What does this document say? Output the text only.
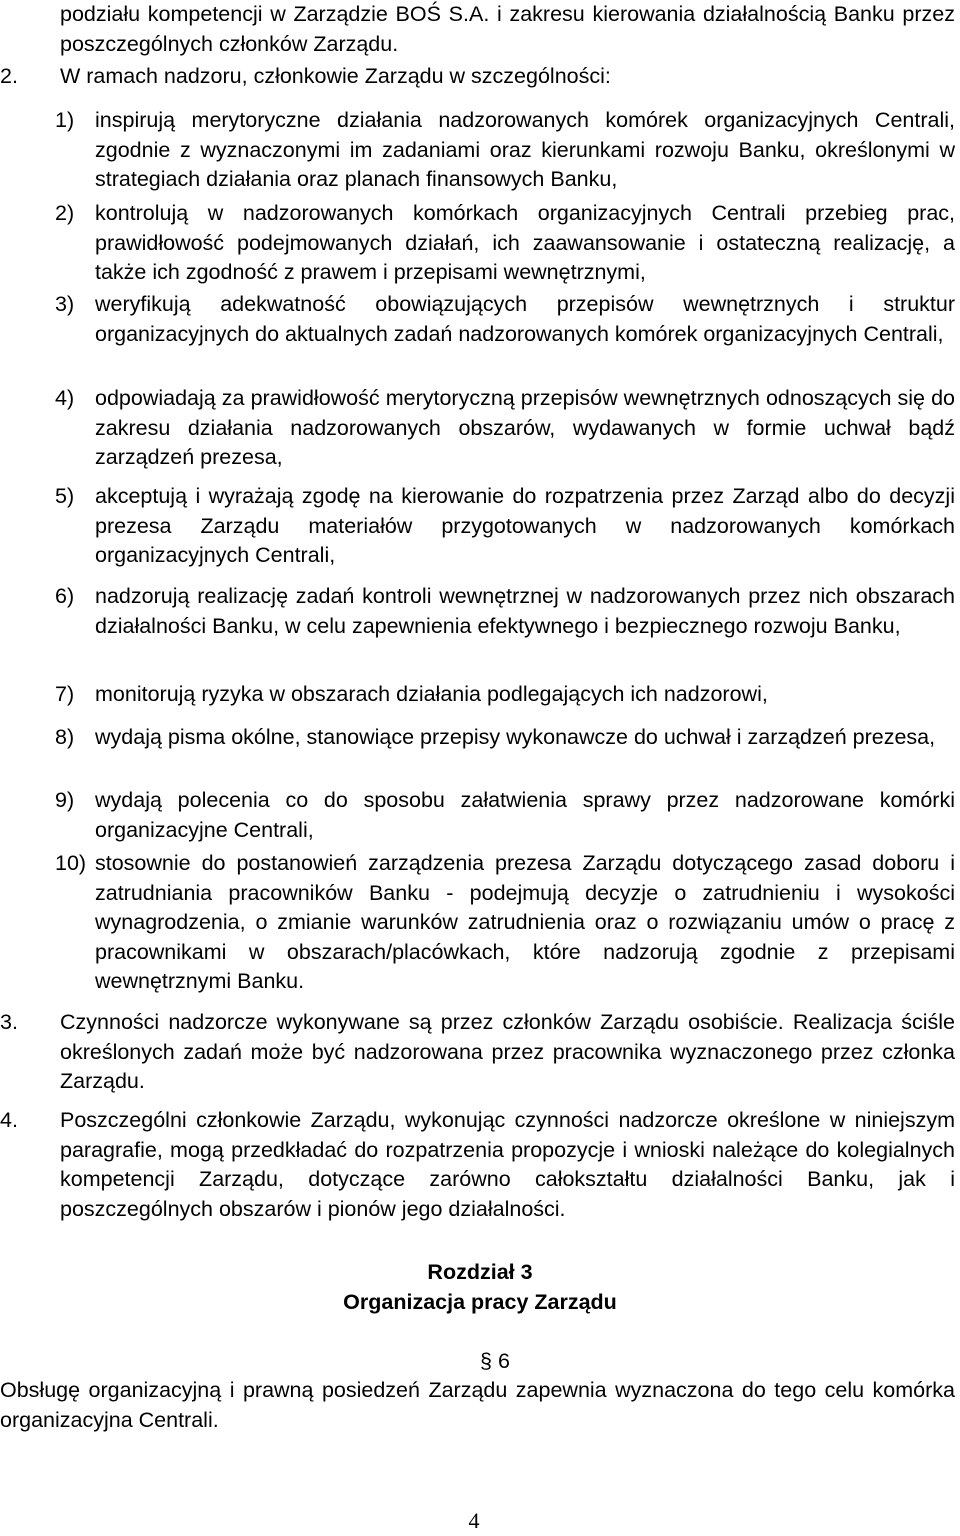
podziału kompetencji w Zarządzie BOŚ S.A. i zakresu kierowania działalnością Banku przez poszczególnych członków Zarządu.

2. W ramach nadzoru, członkowie Zarządu w szczególności:
1) inspirują merytoryczne działania nadzorowanych komórek organizacyjnych Centrali, zgodnie z wyznaczonymi im zadaniami oraz kierunkami rozwoju Banku, określonymi w strategiach działania oraz planach finansowych Banku,

2) kontrolują w nadzorowanych komórkach organizacyjnych Centrali przebieg prac, prawidłowość podejmowanych działań, ich zaawansowanie i ostateczną realizację, a także ich zgodność z prawem i przepisami wewnętrznymi,

3) weryfikują adekwatność obowiązujących przepisów wewnętrznych i struktur organizacyjnych do aktualnych zadań nadzorowanych komórek organizacyjnych Centrali,

4) odpowiadają za prawidłowość merytoryczną przepisów wewnętrznych odnoszących się do zakresu działania nadzorowanych obszarów, wydawanych w formie uchwał bądź zarządzeń prezesa,

5) akceptują i wyrażają zgodę na kierowanie do rozpatrzenia przez Zarząd albo do decyzji prezesa Zarządu materiałów przygotowanych w nadzorowanych komórkach organizacyjnych Centrali,

6) nadzorują realizację zadań kontroli wewnętrznej w nadzorowanych przez nich obszarach działalności Banku, w celu zapewnienia efektywnego i bezpiecznego rozwoju Banku,

7) monitorują ryzyka w obszarach działania podlegających ich nadzorowi,

8) wydają pisma okólne, stanowiące przepisy wykonawcze do uchwał i zarządzeń prezesa,

9) wydają polecenia co do sposobu załatwienia sprawy przez nadzorowane komórki organizacyjne Centrali,

10) stosownie do postanowień zarządzenia prezesa Zarządu dotyczącego zasad doboru i zatrudniania pracowników Banku - podejmują decyzje o zatrudnieniu i wysokości wynagrodzenia, o zmianie warunków zatrudnienia oraz o rozwiązaniu umów o pracę z pracownikami w obszarach/placówkach, które nadzorują zgodnie z przepisami wewnętrznymi Banku.

3. Czynności nadzorcze wykonywane są przez członków Zarządu osobiście. Realizacja ściśle określonych zadań może być nadzorowana przez pracownika wyznaczonego przez członka Zarządu.

4. Poszczególni członkowie Zarządu, wykonując czynności nadzorcze określone w niniejszym paragrafie, mogą przedkładać do rozpatrzenia propozycje i wnioski należące do kolegialnych kompetencji Zarządu, dotyczące zarówno całokształtu działalności Banku, jak i poszczególnych obszarów i pionów jego działalności.

Rozdział 3
Organizacja pracy Zarządu
§ 6

Obsługę organizacyjną i prawną posiedzeń Zarządu zapewnia wyznaczona do tego celu komórka organizacyjna Centrali.

4
